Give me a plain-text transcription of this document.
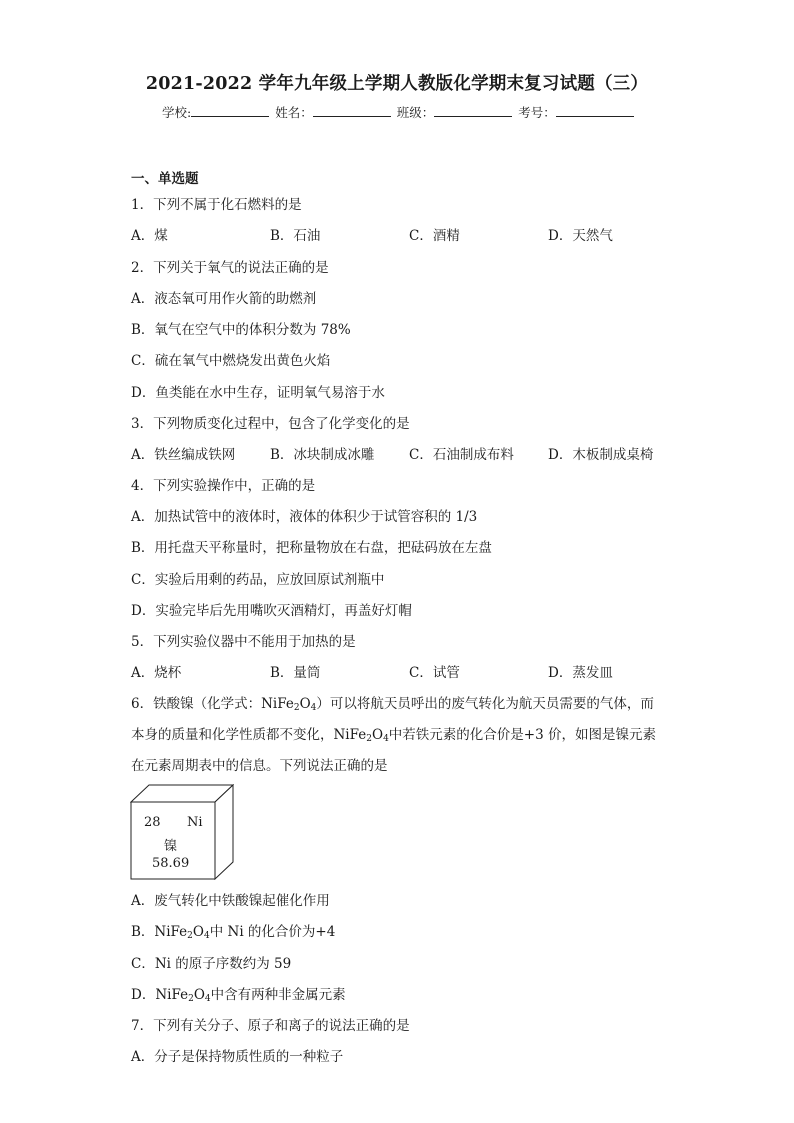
2021-2022 学年九年级上学期人教版化学期末复习试题（三）
学校:	姓名：	班级：	考号：
一、单选题
1．下列不属于化石燃料的是
A．煤	B．石油	C．酒精	D．天然气
2．下列关于氧气的说法正确的是
A．液态氧可用作火箭的助燃剂
B．氧气在空气中的体积分数为 78%
C．硫在氧气中燃烧发出黄色火焰
D．鱼类能在水中生存，证明氧气易溶于水
3．下列物质变化过程中，包含了化学变化的是
A．铁丝编成铁网	B．冰块制成冰雕	C．石油制成布料	D．木板制成桌椅
4．下列实验操作中，正确的是
A．加热试管中的液体时，液体的体积少于试管容积的 1/3
B．用托盘天平称量时，把称量物放在右盘，把砝码放在左盘
C．实验后用剩的药品，应放回原试剂瓶中
D．实验完毕后先用嘴吹灭酒精灯，再盖好灯帽
5．下列实验仪器中不能用于加热的是
A．烧杯	B．量筒	C．试管	D．蒸发皿
6．铁酸镍（化学式：$NiFe_2O_4$）可以将航天员呼出的废气转化为航天员需要的气体，而
本身的质量和化学性质都不变化，$NiFe_2O_4$中若铁元素的化合价是+3 价，如图是镍元素
在元素周期表中的信息。下列说法正确的是
28 Ni
镍
58.69
A．废气转化中铁酸镍起催化作用
B．$NiFe_2O_4$中 Ni 的化合价为+4
C．Ni 的原子序数约为 59
D．$NiFe_2O_4$中含有两种非金属元素
7．下列有关分子、原子和离子的说法正确的是
A．分子是保持物质性质的一种粒子
